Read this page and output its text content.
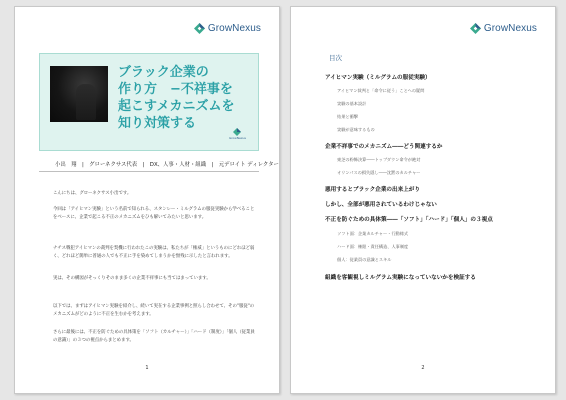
GrowNexus
ブラック企業の
作り方　−不祥事を
起こすメカニズムを
知り対策する
GrowNexus
小出　翔　|　グローネクサス代表　|　DX、人事・人材・組織　|　元デロイト ディレクター
こんにちは、グローネクサス小出です。
今回は「アイヒマン実験」という名前で知られる、スタンレー・ミルグラムの服従実験から学べることをベースに、企業で起こる不正のメカニズムをひも解いてみたいと思います。
ナチス戦犯アイヒマンの裁判を契機に行われたこの実験は、私たちが「権威」というものにどれほど弱く、どれほど簡単に普通の人でも不正に手を染めてしまうかを無残に示したと言われます。
実は、その構図がそっくりそのまま多くの企業不祥事にも当てはまっています。
以下では、まずはアイヒマン実験を紹介し、続いて実在する企業事例と照らし合わせて、その"服従"のメカニズムがどのように不正を生むかを考えます。
さらに最後には、不正を防ぐための具体策を「ソフト（カルチャー）」「ハード（制度）」「個人（従業員の意識）」の３つの視点からまとめます。
1
GrowNexus
目次
アイヒマン実験（ミルグラムの服従実験）
アイヒマン裁判と「命令に従う」ことへの疑問
実験の基本設計
結果と衝撃
実験が意味するもの
企業不祥事でのメカニズム――どう関連するか
東芝の粉飾決算――トップダウン命令が絶対
オリンパスの損失隠し――沈黙のカルチャー
悪用するとブラック企業の出来上がり
しかし、全部が悪用されているわけじゃない
不正を防ぐための具体策――「ソフト」「ハード」「個人」の３視点
ソフト面：企業カルチャー・行動様式
ハード面：権限・責任構造、人事制度
個人：従業員の意識とスキル
組織を客観視しミルグラム実験になっていないかを検証する
2
